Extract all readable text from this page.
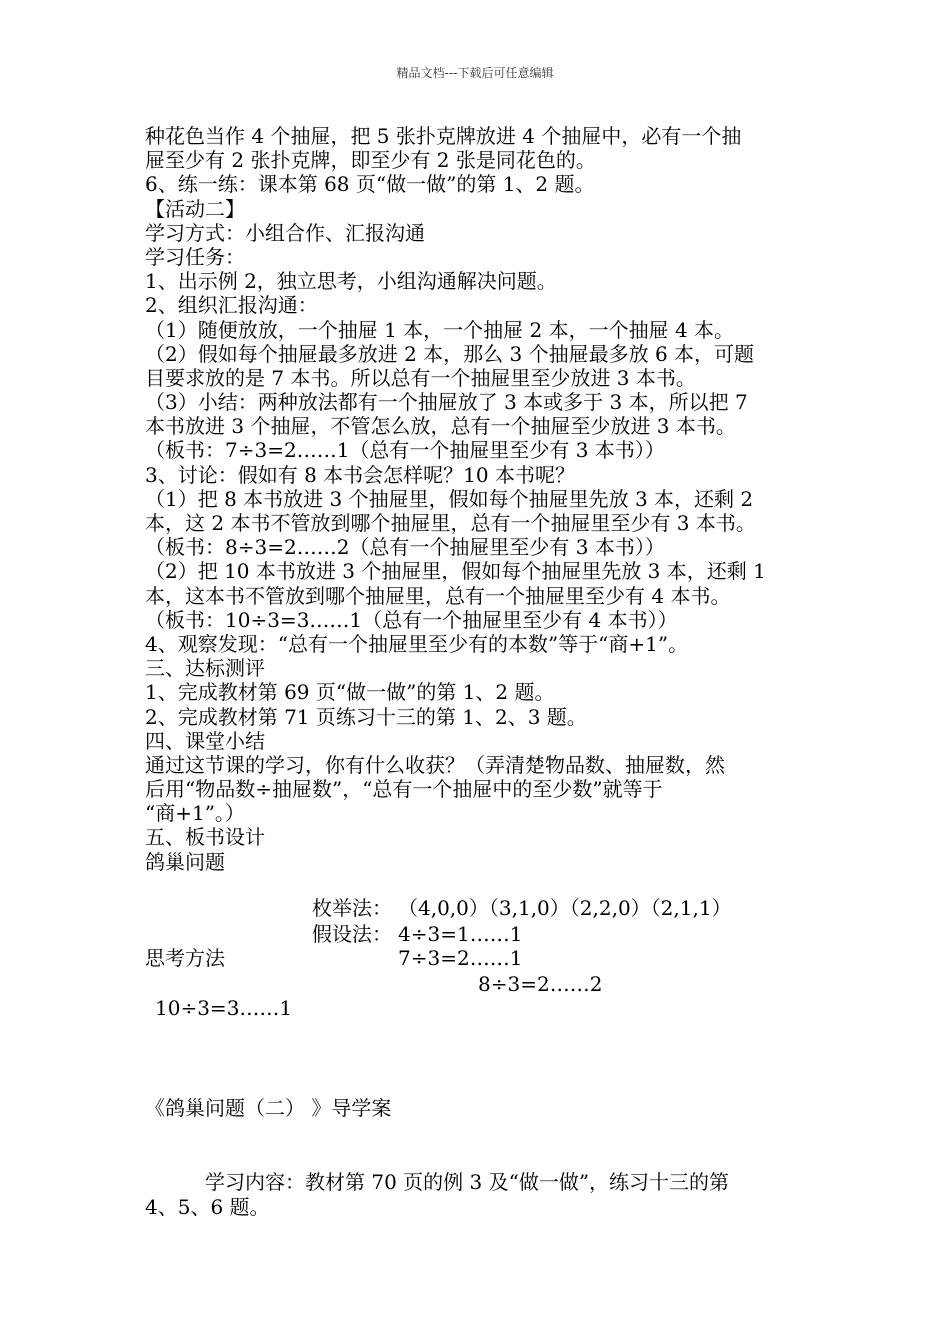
精品文档---下载后可任意编辑
种花色当作 4 个抽屉，把 5 张扑克牌放进 4 个抽屉中，必有一个抽
屉至少有 2 张扑克牌，即至少有 2 张是同花色的。
6、练一练：课本第 68 页“做一做”的第 1、2 题。
【活动二】
学习方式：小组合作、汇报沟通
学习任务：
1、出示例 2，独立思考，小组沟通解决问题。
2、组织汇报沟通：
（1）随便放放，一个抽屉 1 本，一个抽屉 2 本，一个抽屉 4 本。
（2）假如每个抽屉最多放进 2 本，那么 3 个抽屉最多放 6 本，可题
目要求放的是 7 本书。所以总有一个抽屉里至少放进 3 本书。
（3）小结：两种放法都有一个抽屉放了 3 本或多于 3 本，所以把 7
本书放进 3 个抽屉，不管怎么放，总有一个抽屉至少放进 3 本书。
（板书：7÷3=2……1（总有一个抽屉里至少有 3 本书））
3、讨论：假如有 8 本书会怎样呢？10 本书呢？
（1）把 8 本书放进 3 个抽屉里，假如每个抽屉里先放 3 本，还剩 2
本，这 2 本书不管放到哪个抽屉里，总有一个抽屉里至少有 3 本书。
（板书：8÷3=2……2（总有一个抽屉里至少有 3 本书））
（2）把 10 本书放进 3 个抽屉里，假如每个抽屉里先放 3 本，还剩 1
本，这本书不管放到哪个抽屉里，总有一个抽屉里至少有 4 本书。
（板书：10÷3=3……1（总有一个抽屉里至少有 4 本书））
4、观察发现：“总有一个抽屉里至少有的本数”等于“商+1”。
三、达标测评
1、完成教材第 69 页“做一做”的第 1、2 题。
2、完成教材第 71 页练习十三的第 1、2、3 题。
四、课堂小结
通过这节课的学习，你有什么收获？（弄清楚物品数、抽屉数，然
后用“物品数÷抽屉数”，“总有一个抽屉中的至少数”就等于
“商+1”。）
五、板书设计
鸽巢问题
枚举法： （4,0,0）（3,1,0）（2,2,0）（2,1,1）
假设法： 4÷3=1……1
思考方法	7÷3=2……1
8÷3=2……2
10÷3=3……1
《鸽巢问题（二） 》导学案
学习内容：教材第 70 页的例 3 及“做一做”，练习十三的第
4、5、6 题。
